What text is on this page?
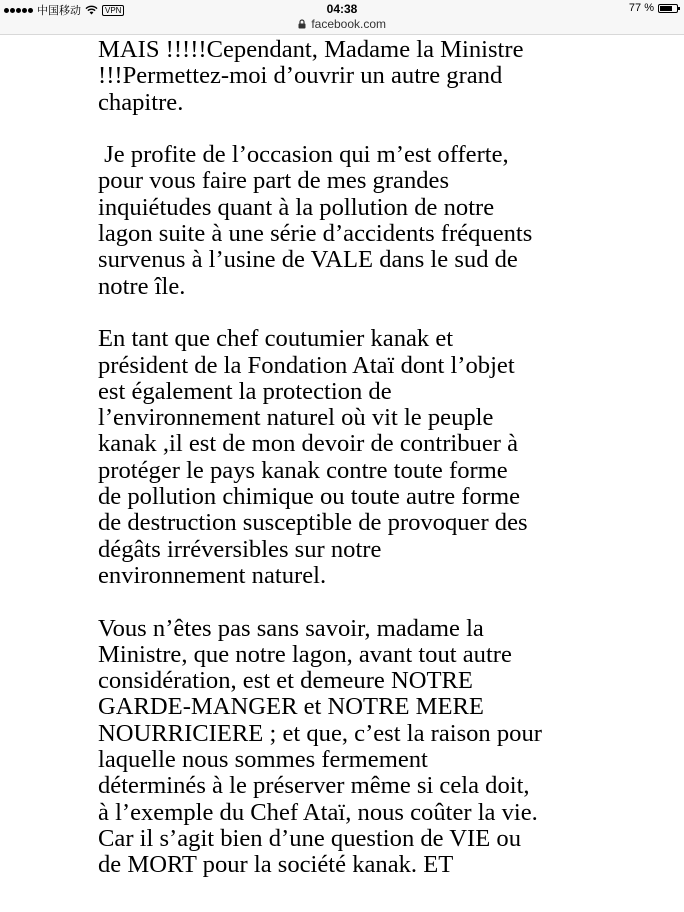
中国移动	VPN	04:38	77 %
facebook.com

MAIS !!!!!Cependant, Madame la Ministre
!!!Permettez-moi d’ouvrir un autre grand
chapitre.

Je profite de l’occasion qui m’est offerte,
pour vous faire part de mes grandes
inquiétudes quant à la pollution de notre
lagon suite à une série d’accidents fréquents
survenus à l’usine de VALE dans le sud de
notre île.

En tant que chef coutumier kanak et
président de la Fondation Ataï dont l’objet
est également la protection de
l’environnement naturel où vit le peuple
kanak ,il est de mon devoir de contribuer à
protéger le pays kanak contre toute forme
de pollution chimique ou toute autre forme
de destruction susceptible de provoquer des
dégâts irréversibles sur notre
environnement naturel.

Vous n’êtes pas sans savoir, madame la
Ministre, que notre lagon, avant tout autre
considération, est et demeure NOTRE
GARDE-MANGER et NOTRE MERE
NOURRICIERE ; et que, c’est la raison pour
laquelle nous sommes fermement
déterminés à le préserver même si cela doit,
à l’exemple du Chef Ataï, nous coûter la vie.
Car il s’agit bien d’une question de VIE ou
de MORT pour la société kanak. ET
